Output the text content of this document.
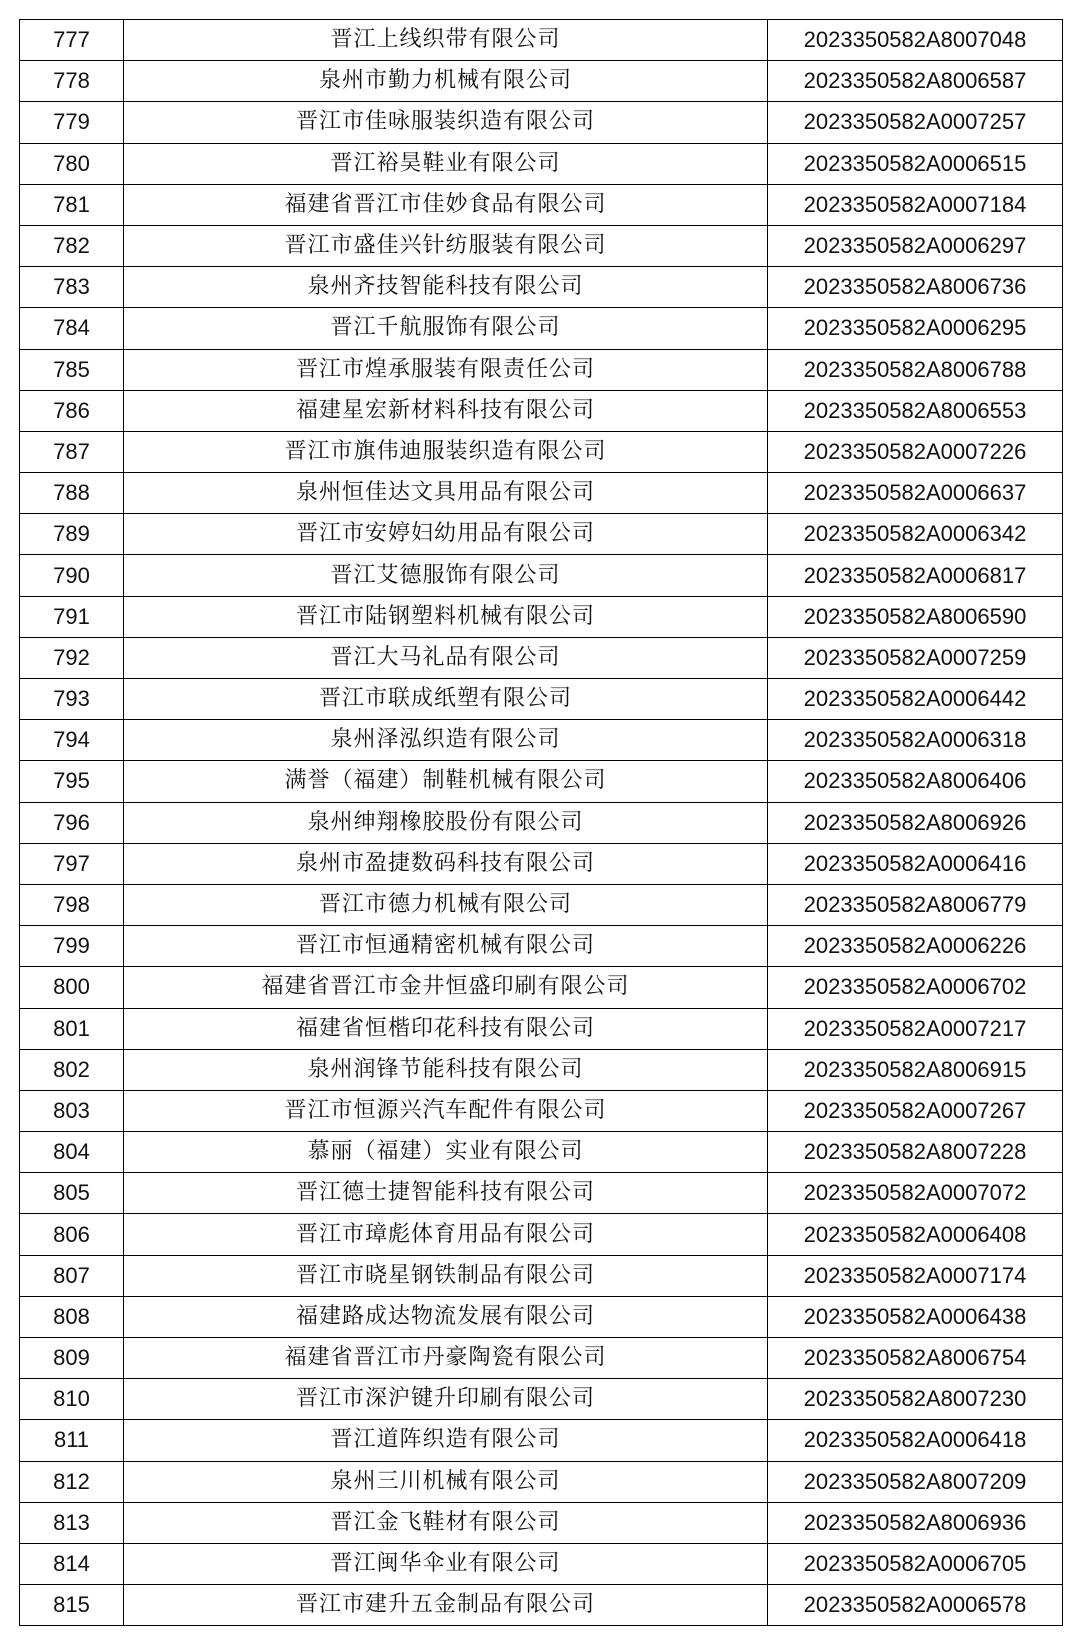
777	晋江上线织带有限公司	2023350582A8007048
778	泉州市勤力机械有限公司	2023350582A8006587
779	晋江市佳咏服装织造有限公司	2023350582A0007257
780	晋江裕昊鞋业有限公司	2023350582A0006515
781	福建省晋江市佳妙食品有限公司	2023350582A0007184
782	晋江市盛佳兴针纺服装有限公司	2023350582A0006297
783	泉州齐技智能科技有限公司	2023350582A8006736
784	晋江千航服饰有限公司	2023350582A0006295
785	晋江市煌承服装有限责任公司	2023350582A8006788
786	福建星宏新材料科技有限公司	2023350582A8006553
787	晋江市旗伟迪服装织造有限公司	2023350582A0007226
788	泉州恒佳达文具用品有限公司	2023350582A0006637
789	晋江市安婷妇幼用品有限公司	2023350582A0006342
790	晋江艾德服饰有限公司	2023350582A0006817
791	晋江市陆钢塑料机械有限公司	2023350582A8006590
792	晋江大马礼品有限公司	2023350582A0007259
793	晋江市联成纸塑有限公司	2023350582A0006442
794	泉州泽泓织造有限公司	2023350582A0006318
795	满誉（福建）制鞋机械有限公司	2023350582A8006406
796	泉州绅翔橡胶股份有限公司	2023350582A8006926
797	泉州市盈捷数码科技有限公司	2023350582A0006416
798	晋江市德力机械有限公司	2023350582A8006779
799	晋江市恒通精密机械有限公司	2023350582A0006226
800	福建省晋江市金井恒盛印刷有限公司	2023350582A0006702
801	福建省恒楷印花科技有限公司	2023350582A0007217
802	泉州润锋节能科技有限公司	2023350582A8006915
803	晋江市恒源兴汽车配件有限公司	2023350582A0007267
804	慕丽（福建）实业有限公司	2023350582A8007228
805	晋江德士捷智能科技有限公司	2023350582A0007072
806	晋江市璋彪体育用品有限公司	2023350582A0006408
807	晋江市晓星钢铁制品有限公司	2023350582A0007174
808	福建路成达物流发展有限公司	2023350582A0006438
809	福建省晋江市丹豪陶瓷有限公司	2023350582A8006754
810	晋江市深沪键升印刷有限公司	2023350582A8007230
811	晋江道阵织造有限公司	2023350582A0006418
812	泉州三川机械有限公司	2023350582A8007209
813	晋江金飞鞋材有限公司	2023350582A8006936
814	晋江闽华伞业有限公司	2023350582A0006705
815	晋江市建升五金制品有限公司	2023350582A0006578
